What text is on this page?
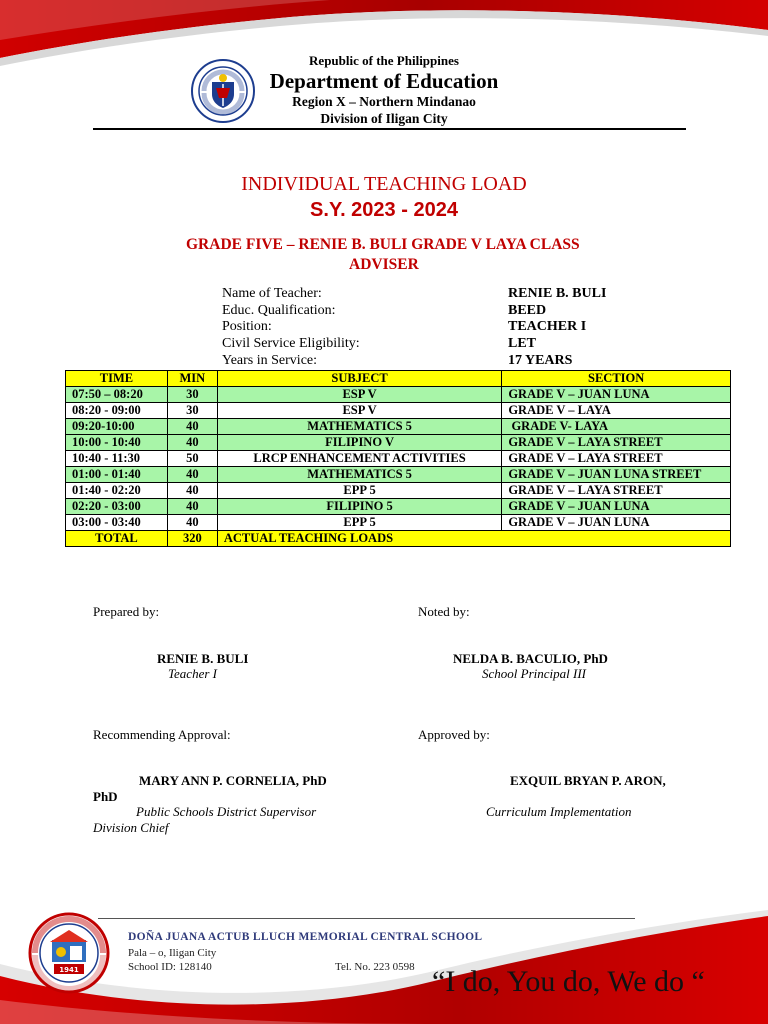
Republic of the Philippines
Department of Education
Region X – Northern Mindanao
Division of Iligan City
INDIVIDUAL TEACHING LOAD
S.Y. 2023 - 2024
GRADE FIVE – RENIE B. BULI GRADE V LAYA CLASS
ADVISER
Name of Teacher:	RENIE B. BULI
Educ. Qualification:	BEED
Position:	TEACHER I
Civil Service Eligibility:	LET
Years in Service:	17 YEARS
TIME	MIN	SUBJECT	SECTION
07:50 – 08:20	30	ESP V	GRADE V – JUAN LUNA
08:20 - 09:00	30	ESP V	GRADE V – LAYA
09:20-10:00	40	MATHEMATICS 5	GRADE V- LAYA
10:00 - 10:40	40	FILIPINO V	GRADE V – LAYA STREET
10:40 - 11:30	50	LRCP ENHANCEMENT ACTIVITIES	GRADE V – LAYA STREET
01:00 - 01:40	40	MATHEMATICS 5	GRADE V – JUAN LUNA STREET
01:40 - 02:20	40	EPP 5	GRADE V – LAYA STREET
02:20 - 03:00	40	FILIPINO 5	GRADE V – JUAN LUNA
03:00 - 03:40	40	EPP 5	GRADE V – JUAN LUNA
TOTAL	320	ACTUAL TEACHING LOADS	
Prepared by:	Noted by:
RENIE B. BULI
Teacher I
NELDA B. BACULIO, PhD
School Principal III
Recommending Approval:	Approved by:
MARY ANN P. CORNELIA, PhD	EXQUIL BRYAN P. ARON,
PhD
Public Schools District Supervisor	Curriculum Implementation
Division Chief
1941
DOÑA JUANA ACTUB LLUCH MEMORIAL CENTRAL SCHOOL
Pala – o, Iligan City
School ID: 128140	Tel. No. 223 0598 “I do, You do, We do “
